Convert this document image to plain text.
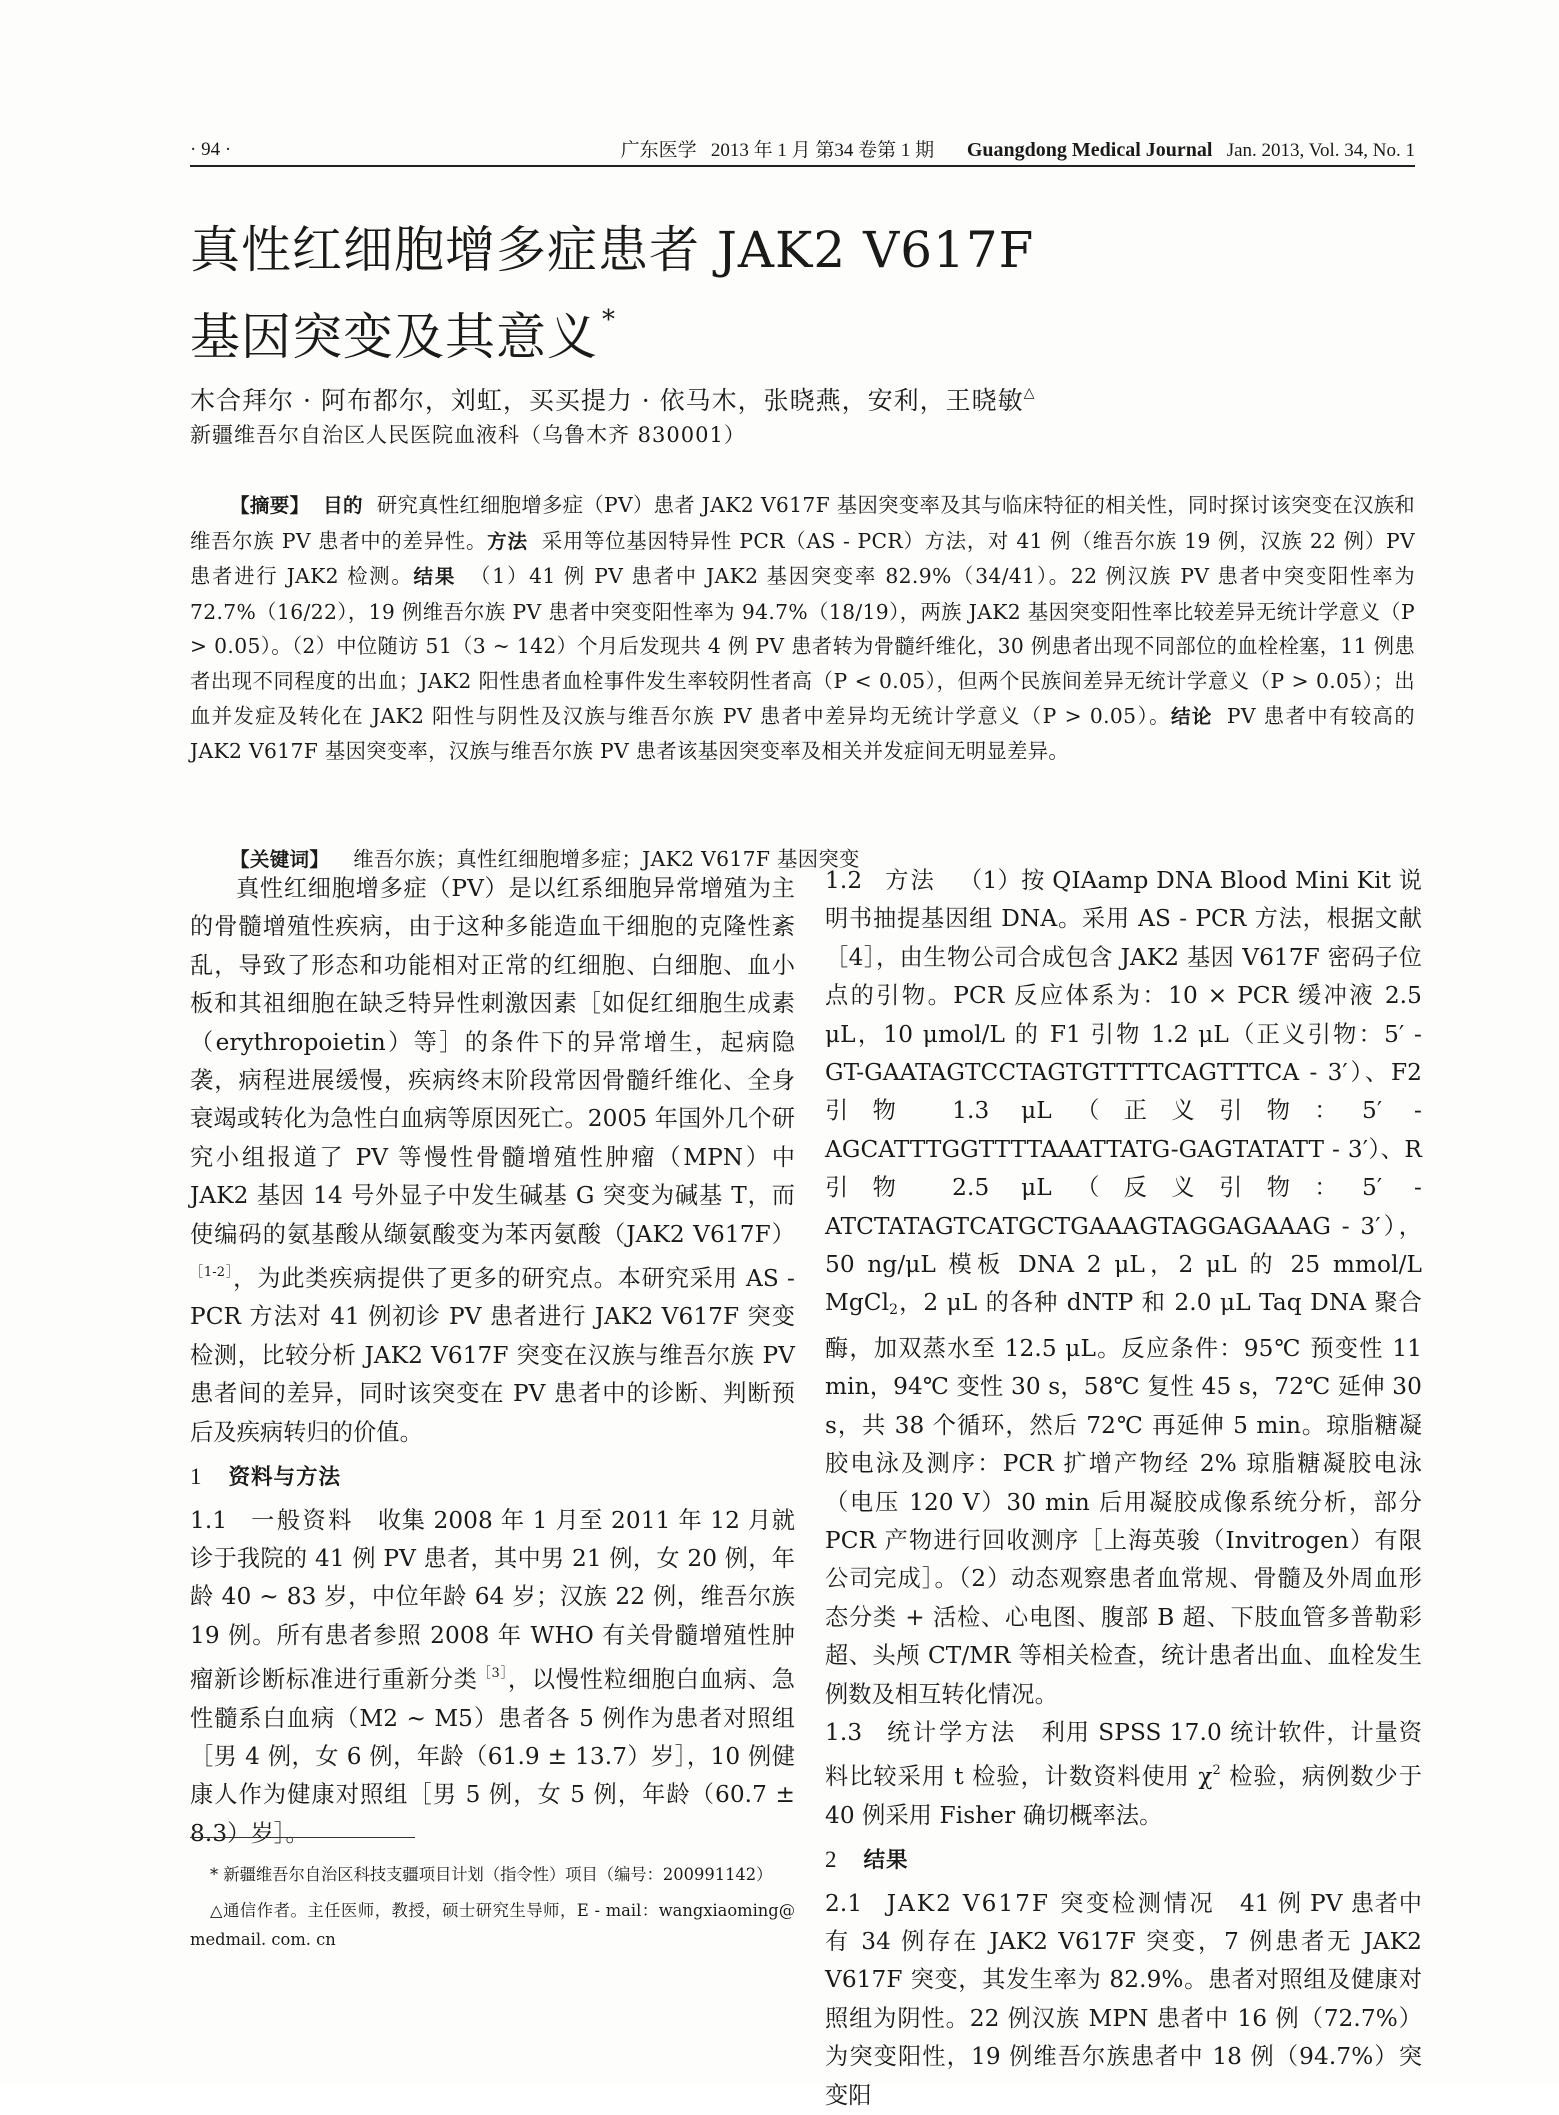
· 94 ·	广东医学 2013 年 1 月 第34 卷第 1 期 Guangdong Medical Journal Jan. 2013, Vol. 34, No. 1
真性红细胞增多症患者 JAK2 V617F
基因突变及其意义 *
木合拜尔 · 阿布都尔，刘虹，买买提力 · 依马木，张晓燕，安利，王晓敏△
新疆维吾尔自治区人民医院血液科（乌鲁木齐 830001）

【摘要】 目的 研究真性红细胞增多症（PV）患者 JAK2 V617F 基因突变率及其与临床特征的相关性，同时探讨该突变在汉族和维吾尔族 PV 患者中的差异性。方法 采用等位基因特异性 PCR（AS - PCR）方法，对 41 例（维吾尔族 19 例，汉族 22 例）PV 患者进行 JAK2 检测。结果 （1）41 例 PV 患者中 JAK2 基因突变率 82.9%（34/41）。22 例汉族 PV 患者中突变阳性率为 72.7%（16/22），19 例维吾尔族 PV 患者中突变阳性率为 94.7%（18/19），两族 JAK2 基因突变阳性率比较差异无统计学意义（P > 0.05）。（2）中位随访 51（3 ~ 142）个月后发现共 4 例 PV 患者转为骨髓纤维化，30 例患者出现不同部位的血栓栓塞，11 例患者出现不同程度的出血；JAK2 阳性患者血栓事件发生率较阴性者高（P < 0.05），但两个民族间差异无统计学意义（P > 0.05）；出血并发症及转化在 JAK2 阳性与阴性及汉族与维吾尔族 PV 患者中差异均无统计学意义（P > 0.05）。结论 PV 患者中有较高的 JAK2 V617F 基因突变率，汉族与维吾尔族 PV 患者该基因突变率及相关并发症间无明显差异。

【关键词】 维吾尔族；真性红细胞增多症；JAK2 V617F 基因突变

真性红细胞增多症（PV）是以红系细胞异常增殖为主的骨髓增殖性疾病，由于这种多能造血干细胞的克隆性紊乱，导致了形态和功能相对正常的红细胞、白细胞、血小板和其祖细胞在缺乏特异性刺激因素［如促红细胞生成素（erythropoietin）等］的条件下的异常增生，起病隐袭，病程进展缓慢，疾病终末阶段常因骨髓纤维化、全身衰竭或转化为急性白血病等原因死亡。2005 年国外几个研究小组报道了 PV 等慢性骨髓增殖性肿瘤（MPN）中 JAK2 基因 14 号外显子中发生碱基 G 突变为碱基 T，而使编码的氨基酸从缬氨酸变为苯丙氨酸（JAK2 V617F）$^{[1-2]}$，为此类疾病提供了更多的研究点。本研究采用 AS - PCR 方法对 41 例初诊 PV 患者进行 JAK2 V617F 突变检测，比较分析 JAK2 V617F 突变在汉族与维吾尔族 PV 患者间的差异，同时该突变在 PV 患者中的诊断、判断预后及疾病转归的价值。

1 资料与方法

1.1 一般资料 收集 2008 年 1 月至 2011 年 12 月就诊于我院的 41 例 PV 患者，其中男 21 例，女 20 例，年龄 40 ~ 83 岁，中位年龄 64 岁；汉族 22 例，维吾尔族 19 例。所有患者参照 2008 年 WHO 有关骨髓增殖性肿瘤新诊断标准进行重新分类$^{[3]}$，以慢性粒细胞白血病、急性髓系白血病（M2 ~ M5）患者各 5 例作为患者对照组［男 4 例，女 6 例，年龄（61.9 ± 13.7）岁］，10 例健康人作为健康对照组［男 5 例，女 5 例，年龄（60.7 ± 8.3）岁］。

* 新疆维吾尔自治区科技支疆项目计划（指令性）项目（编号：200991142）

△通信作者。主任医师，教授，硕士研究生导师，E - mail：wangxiaoming@ medmail. com. cn

1.2 方法 （1）按 QIAamp DNA Blood Mini Kit 说明书抽提基因组 DNA。采用 AS - PCR 方法，根据文献［4］，由生物公司合成包含 JAK2 基因 V617F 密码子位点的引物。PCR 反应体系为：10 × PCR 缓冲液 2.5 μL，10 μmol/L 的 F1 引物 1.2 μL（正义引物：5′ - GT-GAATAGTCCTAGTGTTTTCAGTTTCA - 3′）、F2 引物 1.3 μL（正义引物：5′ - AGCATTTGGTTTTAAATTATG-GAGTATATT - 3′）、R 引物 2.5 μL（反义引物：5′ - ATCTATAGTCATGCTGAAAGTAGGAGAAAG - 3′），50 ng/μL 模板 DNA 2 μL，2 μL 的 25 mmol/L MgCl$_2$，2 μL 的各种 dNTP 和 2.0 μL Taq DNA 聚合酶，加双蒸水至 12.5 μL。反应条件：95℃ 预变性 11 min，94℃ 变性 30 s，58℃ 复性 45 s，72℃ 延伸 30 s，共 38 个循环，然后 72℃ 再延伸 5 min。琼脂糖凝胶电泳及测序：PCR 扩增产物经 2% 琼脂糖凝胶电泳（电压 120 V）30 min 后用凝胶成像系统分析，部分 PCR 产物进行回收测序［上海英骏（Invitrogen）有限公司完成］。（2）动态观察患者血常规、骨髓及外周血形态分类 + 活检、心电图、腹部 B 超、下肢血管多普勒彩超、头颅 CT/MR 等相关检查，统计患者出血、血栓发生例数及相互转化情况。

1.3 统计学方法 利用 SPSS 17.0 统计软件，计量资料比较采用 t 检验，计数资料使用 $\chi^2$ 检验，病例数少于 40 例采用 Fisher 确切概率法。

2 结果

2.1 JAK2 V617F 突变检测情况 41 例 PV 患者中有 34 例存在 JAK2 V617F 突变，7 例患者无 JAK2 V617F 突变，其发生率为 82.9%。患者对照组及健康对照组为阴性。22 例汉族 MPN 患者中 16 例（72.7%）为突变阳性，19 例维吾尔族患者中 18 例（94.7%）突变阳
